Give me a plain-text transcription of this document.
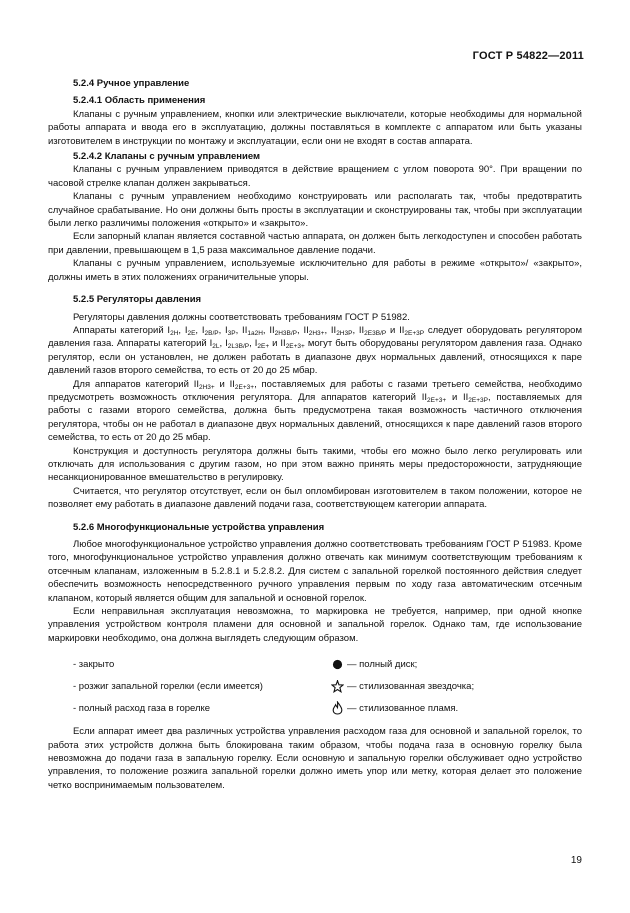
ГОСТ Р 54822—2011
5.2.4 Ручное управление
5.2.4.1 Область применения

Клапаны с ручным управлением, кнопки или электрические выключатели, которые необходимы для нормальной работы аппарата и ввода его в эксплуатацию, должны поставляться в комплекте с аппаратом или быть указаны изготовителем в инструкции по монтажу и эксплуатации, если они не входят в состав аппарата.

5.2.4.2 Клапаны с ручным управлением

Клапаны с ручным управлением приводятся в действие вращением с углом поворота 90°. При вращении по часовой стрелке клапан должен закрываться.

Клапаны с ручным управлением необходимо конструировать или располагать так, чтобы предотвратить случайное срабатывание. Но они должны быть просты в эксплуатации и сконструированы так, чтобы при эксплуатации были легко различимы положения «открыто» и «закрыто».

Если запорный клапан является составной частью аппарата, он должен быть легкодоступен и способен работать при давлении, превышающем в 1,5 раза максимальное давление подачи.

Клапаны с ручным управлением, используемые исключительно для работы в режиме «открыто»/ «закрыто», должны иметь в этих положениях ограничительные упоры.

5.2.5 Регуляторы давления

Регуляторы давления должны соответствовать требованиям ГОСТ Р 51982.

Аппараты категорий $I_{2H}$, $I_{2E}$, $I_{2В/P}$, $I_{3P}$, $II_{1а2H}$, $II_{2H3В/P}$, $II_{2H3+}$, $II_{2H3P}$, $II_{2Е3В/P}$ и $II_{2E+3P}$ следует оборудовать регулятором давления газа. Аппараты категорий $I_{2L}$, $I_{2L3В/P}$, $I_{2E+}$ и $II_{2E+3+}$ могут быть оборудованы регулятором давления газа. Однако регулятор, если он установлен, не должен работать в диапазоне двух нормальных давлений, относящихся к паре давлений газов второго семейства, то есть от 20 до 25 мбар.

Для аппаратов категорий $II_{2H3+}$ и $II_{2E+3+}$, поставляемых для работы с газами третьего семейства, необходимо предусмотреть возможность отключения регулятора. Для аппаратов категорий $II_{2E+3+}$ и $II_{2E+3P}$, поставляемых для работы с газами второго семейства, должна быть предусмотрена такая возможность частичного отключения регулятора, чтобы он не работал в диапазоне двух нормальных давлений, относящихся к паре давлений газов второго семейства, то есть от 20 до 25 мбар.

Конструкция и доступность регулятора должны быть такими, чтобы его можно было легко регулировать или отключать для использования с другим газом, но при этом важно принять меры предосторожности, затрудняющие несанкционированное вмешательство в регулировку.

Считается, что регулятор отсутствует, если он был опломбирован изготовителем в таком положении, которое не позволяет ему работать в диапазоне давлений подачи газа, соответствующем категории аппарата.

5.2.6 Многофункциональные устройства управления

Любое многофункциональное устройство управления должно соответствовать требованиям ГОСТ Р 51983. Кроме того, многофункциональное устройство управления должно отвечать как минимум соответствующим требованиям к отсечным клапанам, изложенным в 5.2.8.1 и 5.2.8.2. Для систем с запальной горелкой постоянного действия следует обеспечить возможность непосредственного ручного управления первым по ходу газа автоматическим отсечным клапаном, который является общим для запальной и основной горелок.

Если неправильная эксплуатация невозможна, то маркировка не требуется, например, при одной кнопке управления устройством контроля пламени для основной и запальной горелок. Однако там, где использование маркировки необходимо, она должна выглядеть следующим образом.

- закрыто	— полный диск;
- розжиг запальной горелки (если имеется)	— стилизованная звездочка;
- полный расход газа в горелке	— стилизованное пламя.

Если аппарат имеет два различных устройства управления расходом газа для основной и запальной горелок, то работа этих устройств должна быть блокирована таким образом, чтобы подача газа в основную горелку была невозможна до подачи газа в запальную горелку. Если основную и запальную горелки обслуживает одно устройство управления, то положение розжига запальной горелки должно иметь упор или метку, которая делает это положение четко воспринимаемым пользователем.

19
